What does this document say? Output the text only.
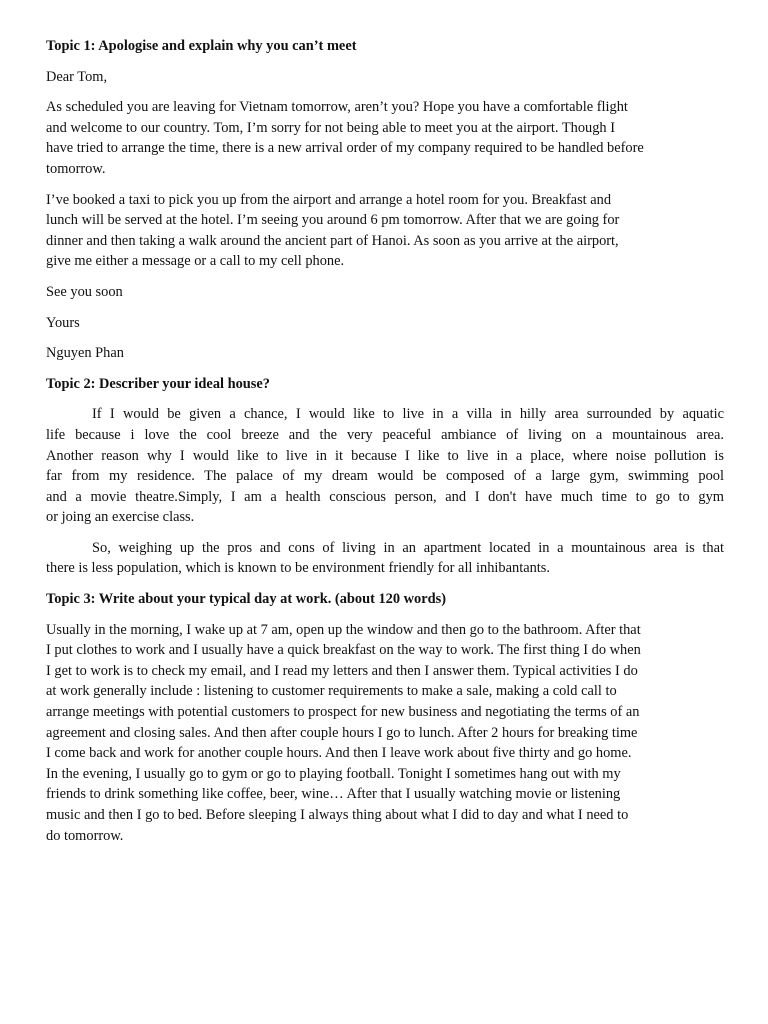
Topic 1: Apologise and explain why you can’t meet
Dear Tom,
As scheduled you are leaving for Vietnam tomorrow, aren’t you? Hope you have a comfortable flight
and welcome to our country. Tom, I’m sorry for not being able to meet you at the airport. Though I
have tried to arrange the time, there is a new arrival order of my company required to be handled before
tomorrow.
I’ve booked a taxi to pick you up from the airport and arrange a hotel room for you. Breakfast and
lunch will be served at the hotel. I’m seeing you around 6 pm tomorrow. After that we are going for
dinner and then taking a walk around the ancient part of Hanoi. As soon as you arrive at the airport,
give me either a message or a call to my cell phone.
See you soon
Yours
Nguyen Phan
Topic 2: Describer your ideal house?
If I would be given a chance, I would like to live in a villa in hilly area surrounded by aquatic
life because i love the cool breeze and the very peaceful ambiance of living on a mountainous area.
Another reason why I would like to live in it because I like to live in a place, where noise pollution is
far from my residence. The palace of my dream would be composed of a large gym, swimming pool
and a movie theatre.Simply, I am a health conscious person, and I don't have much time to go to gym
or joing an exercise class.
So, weighing up the pros and cons of living in an apartment located in a mountainous area is that
there is less population, which is known to be environment friendly for all inhibantants.
Topic 3: Write about your typical day at work. (about 120 words)
Usually in the morning, I wake up at 7 am, open up the window and then go to the bathroom. After that
I put clothes to work and I usually have a quick breakfast on the way to work. The first thing I do when
I get to work is to check my email, and I read my letters and then I answer them. Typical activities I do
at work generally include : listening to customer requirements to make a sale, making a cold call to
arrange meetings with potential customers to prospect for new business and negotiating the terms of an
agreement and closing sales. And then after couple hours I go to lunch. After 2 hours for breaking time
I come back and work for another couple hours. And then I leave work about five thirty and go home.
In the evening, I usually go to gym or go to playing football. Tonight I sometimes hang out with my
friends to drink something like coffee, beer, wine… After that I usually watching movie or listening
music and then I go to bed. Before sleeping I always thing about what I did to day and what I need to
do tomorrow.
